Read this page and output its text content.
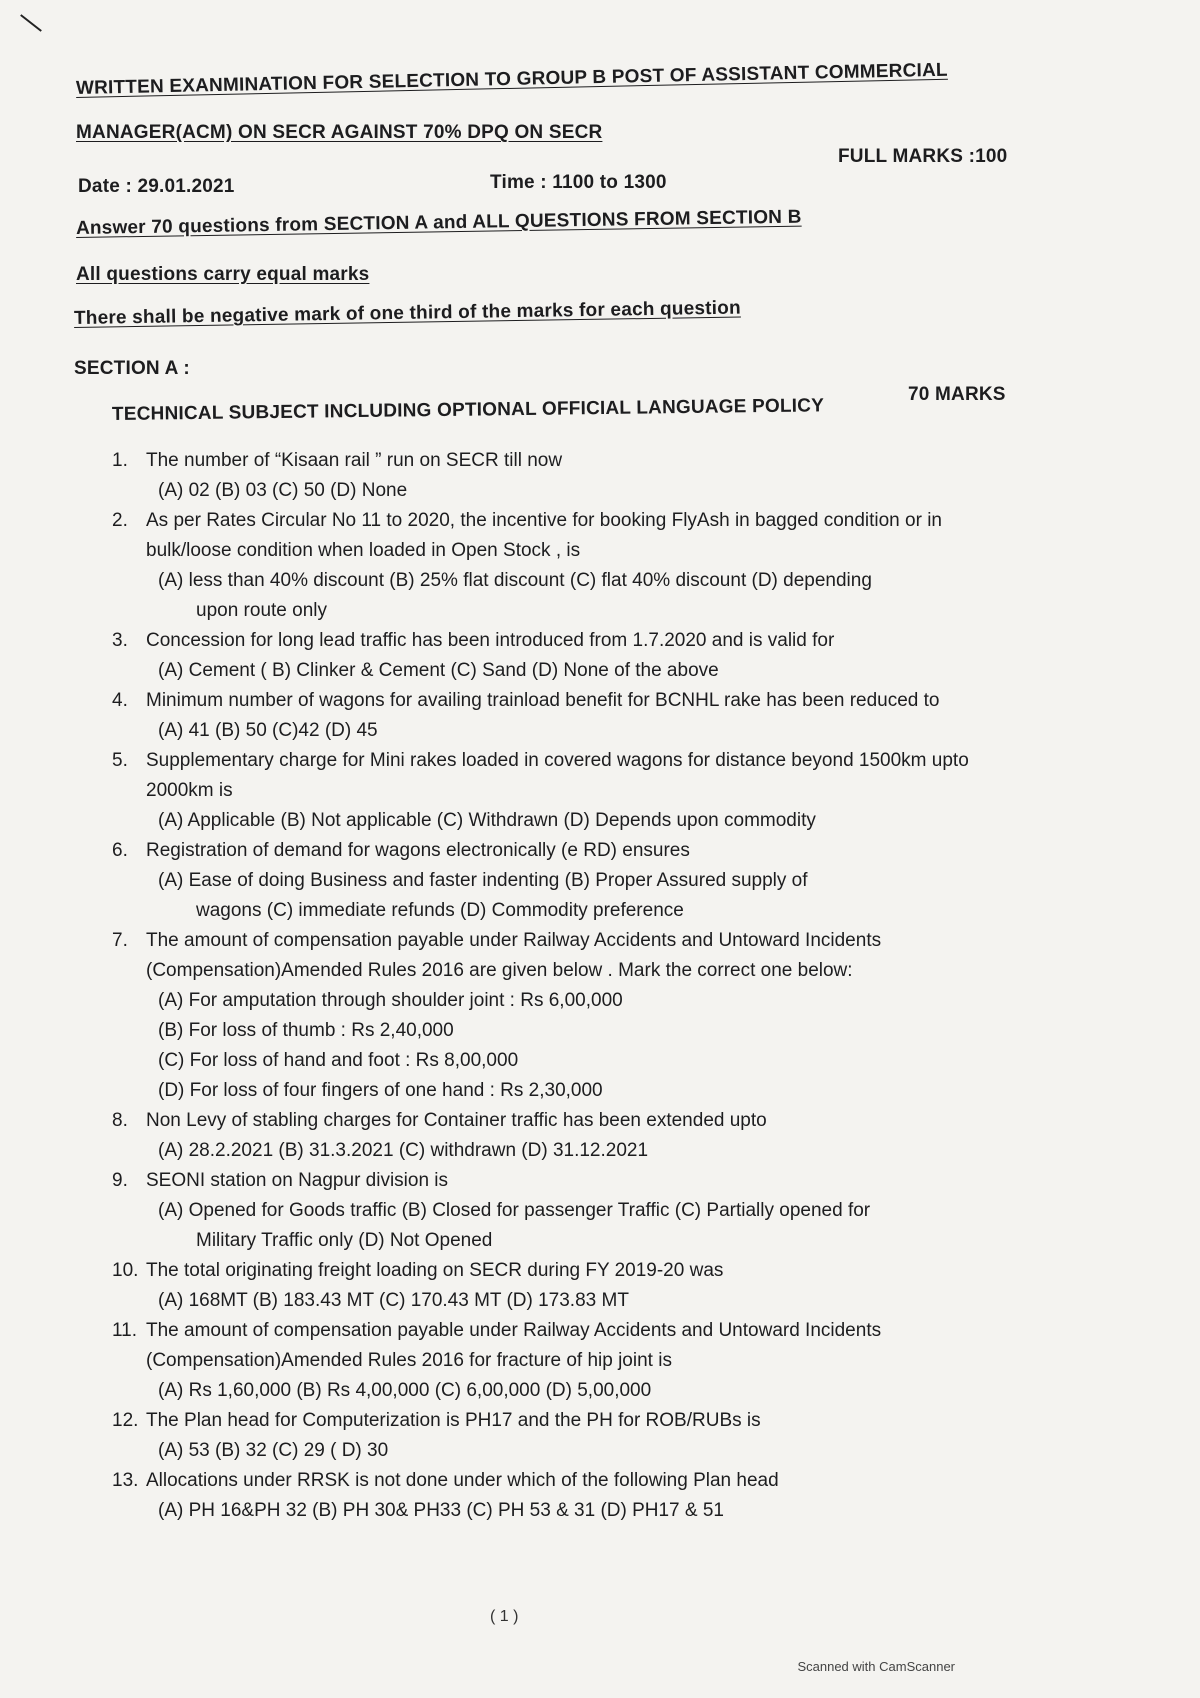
WRITTEN EXANMINATION FOR SELECTION TO GROUP B POST OF ASSISTANT COMMERCIAL
MANAGER(ACM) ON SECR AGAINST 70% DPQ ON SECR
FULL MARKS :100
Date : 29.01.2021	Time : 1100 to 1300
Answer 70 questions from SECTION A and ALL QUESTIONS FROM SECTION B
All questions carry equal marks
There shall be negative mark of one third of the marks for each question
SECTION A :
TECHNICAL SUBJECT INCLUDING OPTIONAL OFFICIAL LANGUAGE POLICY
70 MARKS
1. The number of “Kisaan rail ” run on SECR till now
(A) 02 (B) 03 (C) 50 (D) None
2. As per Rates Circular No 11 to 2020, the incentive for booking FlyAsh in bagged condition or in bulk/loose condition when loaded in Open Stock , is
(A) less than 40% discount (B) 25% flat discount (C) flat 40% discount (D) depending
upon route only
3. Concession for long lead traffic has been introduced from 1.7.2020 and is valid for
(A) Cement ( B) Clinker & Cement (C) Sand (D) None of the above
4. Minimum number of wagons for availing trainload benefit for BCNHL rake has been reduced to
(A) 41 (B) 50 (C)42 (D) 45
5. Supplementary charge for Mini rakes loaded in covered wagons for distance beyond 1500km upto 2000km is
(A) Applicable (B) Not applicable (C) Withdrawn (D) Depends upon commodity
6. Registration of demand for wagons electronically (e RD) ensures
(A) Ease of doing Business and faster indenting (B) Proper Assured supply of
wagons (C) immediate refunds (D) Commodity preference
7. The amount of compensation payable under Railway Accidents and Untoward Incidents (Compensation)Amended Rules 2016 are given below . Mark the correct one below:
(A) For amputation through shoulder joint : Rs 6,00,000
(B) For loss of thumb : Rs 2,40,000
(C) For loss of hand and foot : Rs 8,00,000
(D) For loss of four fingers of one hand : Rs 2,30,000
8. Non Levy of stabling charges for Container traffic has been extended upto
(A) 28.2.2021 (B) 31.3.2021 (C) withdrawn (D) 31.12.2021
9. SEONI station on Nagpur division is
(A) Opened for Goods traffic (B) Closed for passenger Traffic (C) Partially opened for
Military Traffic only (D) Not Opened
10. The total originating freight loading on SECR during FY 2019-20 was
(A) 168MT (B) 183.43 MT (C) 170.43 MT (D) 173.83 MT
11. The amount of compensation payable under Railway Accidents and Untoward Incidents (Compensation)Amended Rules 2016 for fracture of hip joint is
(A) Rs 1,60,000 (B) Rs 4,00,000 (C) 6,00,000 (D) 5,00,000
12. The Plan head for Computerization is PH17 and the PH for ROB/RUBs is
(A) 53 (B) 32 (C) 29 ( D) 30
13. Allocations under RRSK is not done under which of the following Plan head
(A) PH 16&PH 32 (B) PH 30& PH33 (C) PH 53 & 31 (D) PH17 & 51
( 1 )
Scanned with CamScanner
